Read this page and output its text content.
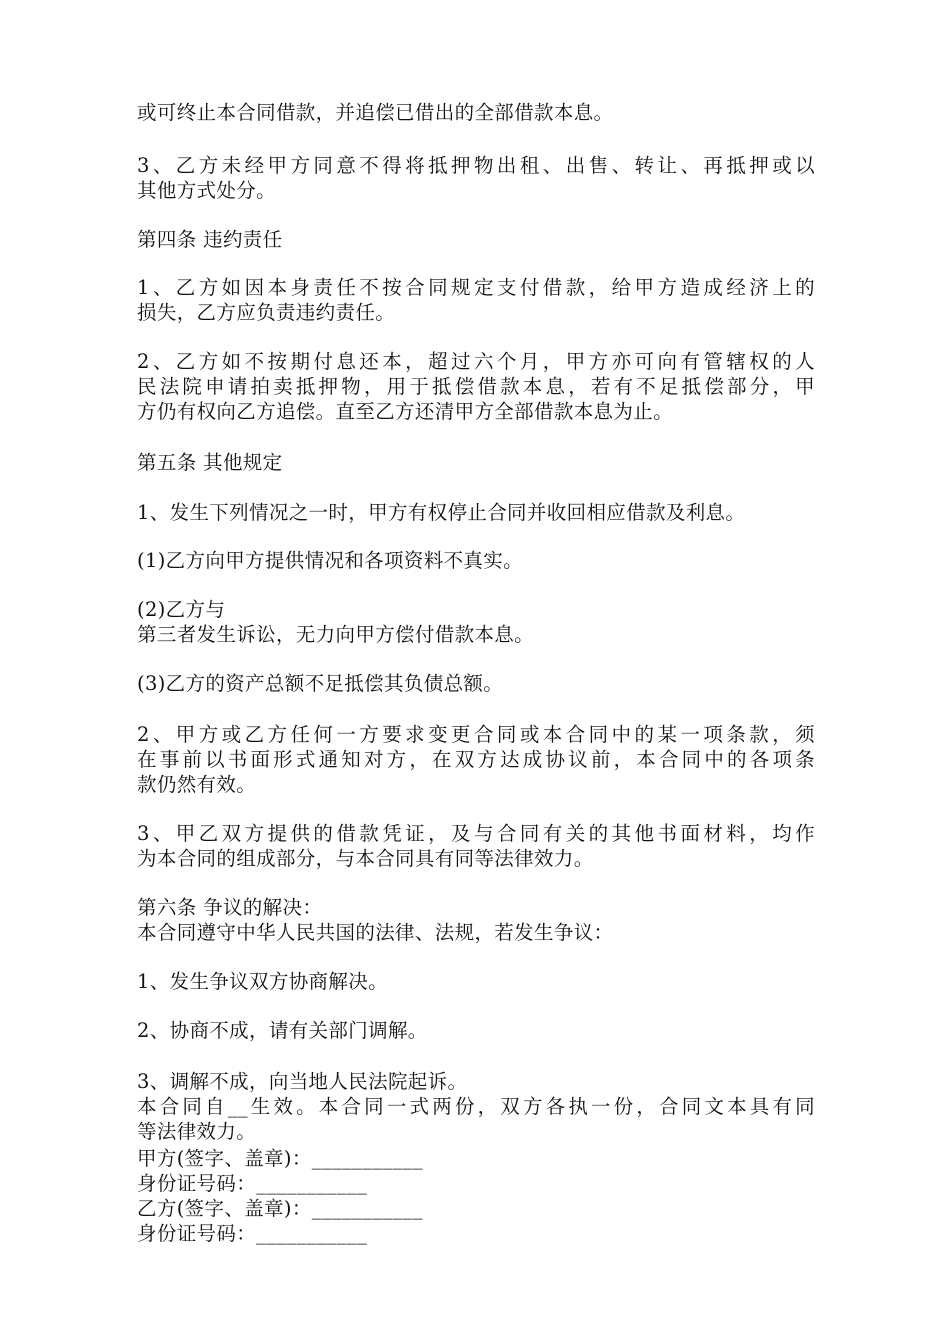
或可终止本合同借款，并追偿已借出的全部借款本息。
3、乙方未经甲方同意不得将抵押物出租、出售、转让、再抵押或以
其他方式处分。
第四条 违约责任
1、乙方如因本身责任不按合同规定支付借款，给甲方造成经济上的
损失，乙方应负责违约责任。
2、乙方如不按期付息还本，超过六个月，甲方亦可向有管辖权的人
民法院申请拍卖抵押物，用于抵偿借款本息，若有不足抵偿部分，甲
方仍有权向乙方追偿。直至乙方还清甲方全部借款本息为止。
第五条 其他规定
1、发生下列情况之一时，甲方有权停止合同并收回相应借款及利息。
(1)乙方向甲方提供情况和各项资料不真实。
(2)乙方与
第三者发生诉讼，无力向甲方偿付借款本息。
(3)乙方的资产总额不足抵偿其负债总额。
2、甲方或乙方任何一方要求变更合同或本合同中的某一项条款，须
在事前以书面形式通知对方，在双方达成协议前，本合同中的各项条
款仍然有效。
3、甲乙双方提供的借款凭证，及与合同有关的其他书面材料，均作
为本合同的组成部分，与本合同具有同等法律效力。
第六条 争议的解决：
本合同遵守中华人民共国的法律、法规，若发生争议：
1、发生争议双方协商解决。
2、协商不成，请有关部门调解。
3、调解不成，向当地人民法院起诉。
本合同自__生效。本合同一式两份，双方各执一份，合同文本具有同
等法律效力。
甲方(签字、盖章)：___________
身份证号码：___________
乙方(签字、盖章)：___________
身份证号码：___________
